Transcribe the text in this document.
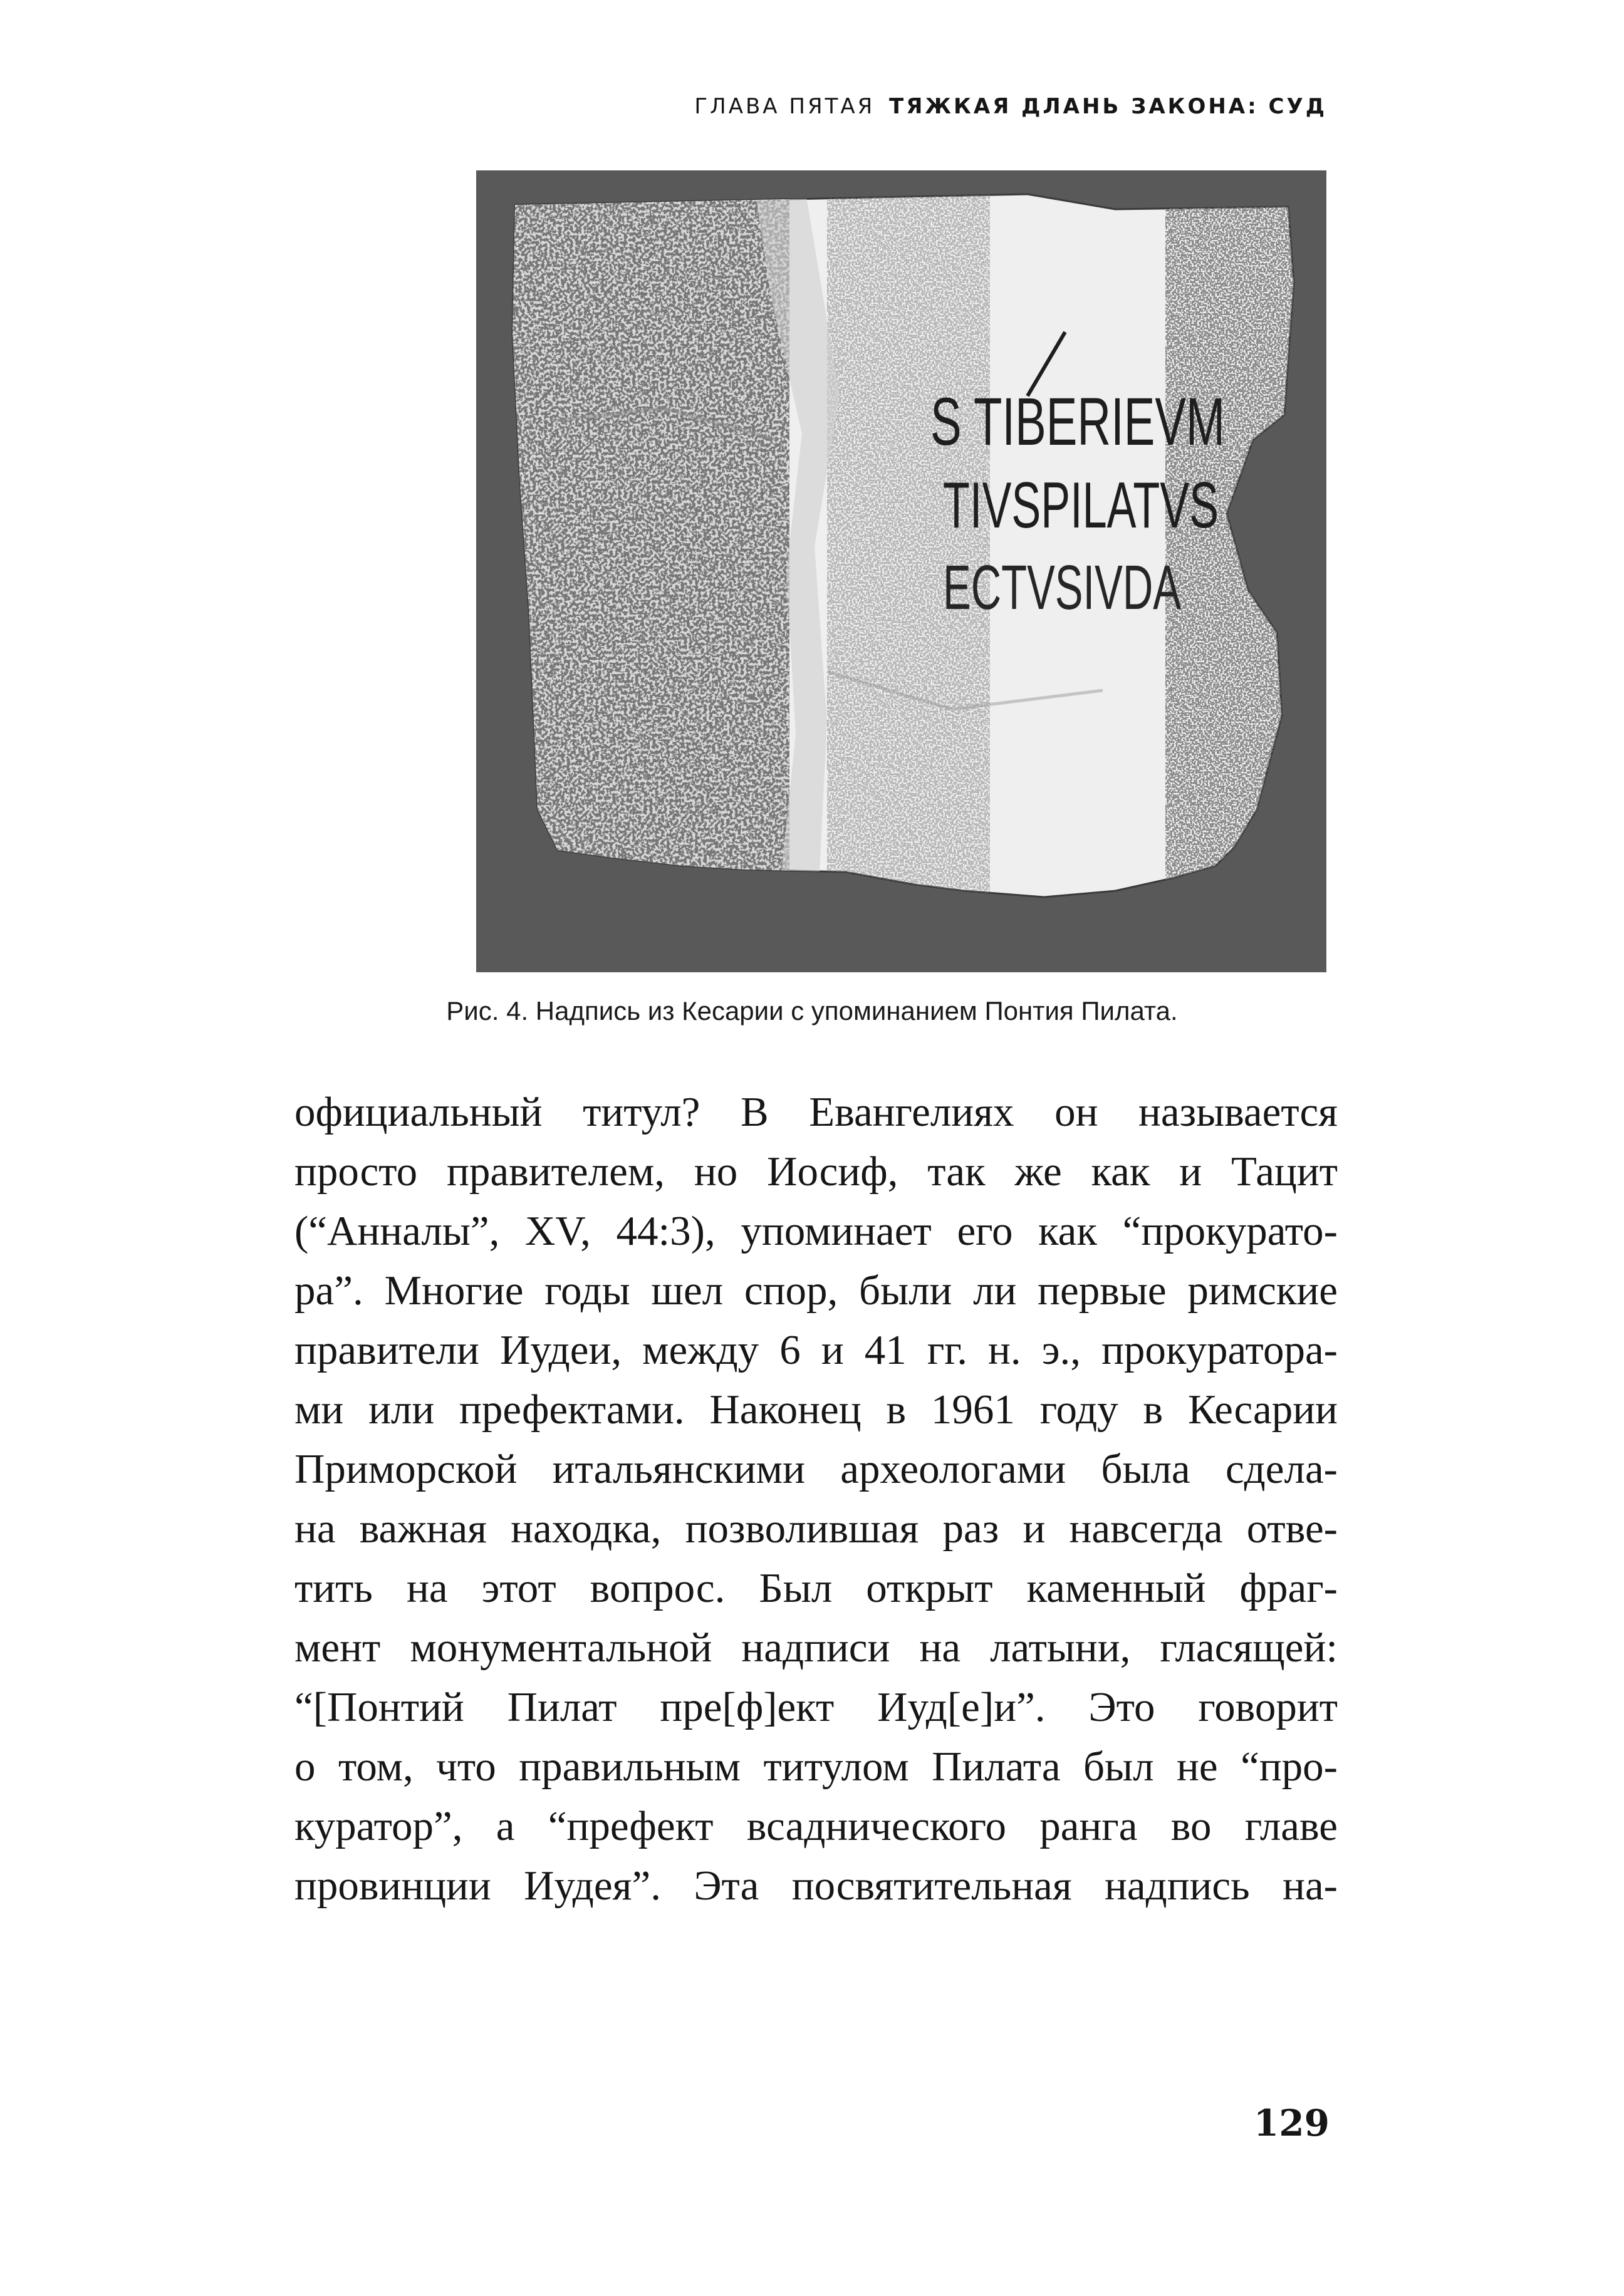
ГЛАВА ПЯТАЯ ТЯЖКАЯ ДЛАНЬ ЗАКОНА: СУД
S TIBERIEVM
TIVSPILATVS
ECTVSIVDA
Рис. 4. Надпись из Кесарии с упоминанием Понтия Пилата.
официальный титул? В Евангелиях он называется
просто правителем, но Иосиф, так же как и Тацит
(“Анналы”, XV, 44:3), упоминает его как “прокурато-
ра”. Многие годы шел спор, были ли первые римские
правители Иудеи, между 6 и 41 гг. н. э., прокуратора-
ми или префектами. Наконец в 1961 году в Кесарии
Приморской итальянскими археологами была сдела-
на важная находка, позволившая раз и навсегда отве-
тить на этот вопрос. Был открыт каменный фраг-
мент монументальной надписи на латыни, гласящей:
“[Понтий Пилат пре[ф]ект Иуд[е]и”. Это говорит
о том, что правильным титулом Пилата был не “про-
куратор”, а “префект всаднического ранга во главе
провинции Иудея”. Эта посвятительная надпись на-
129
